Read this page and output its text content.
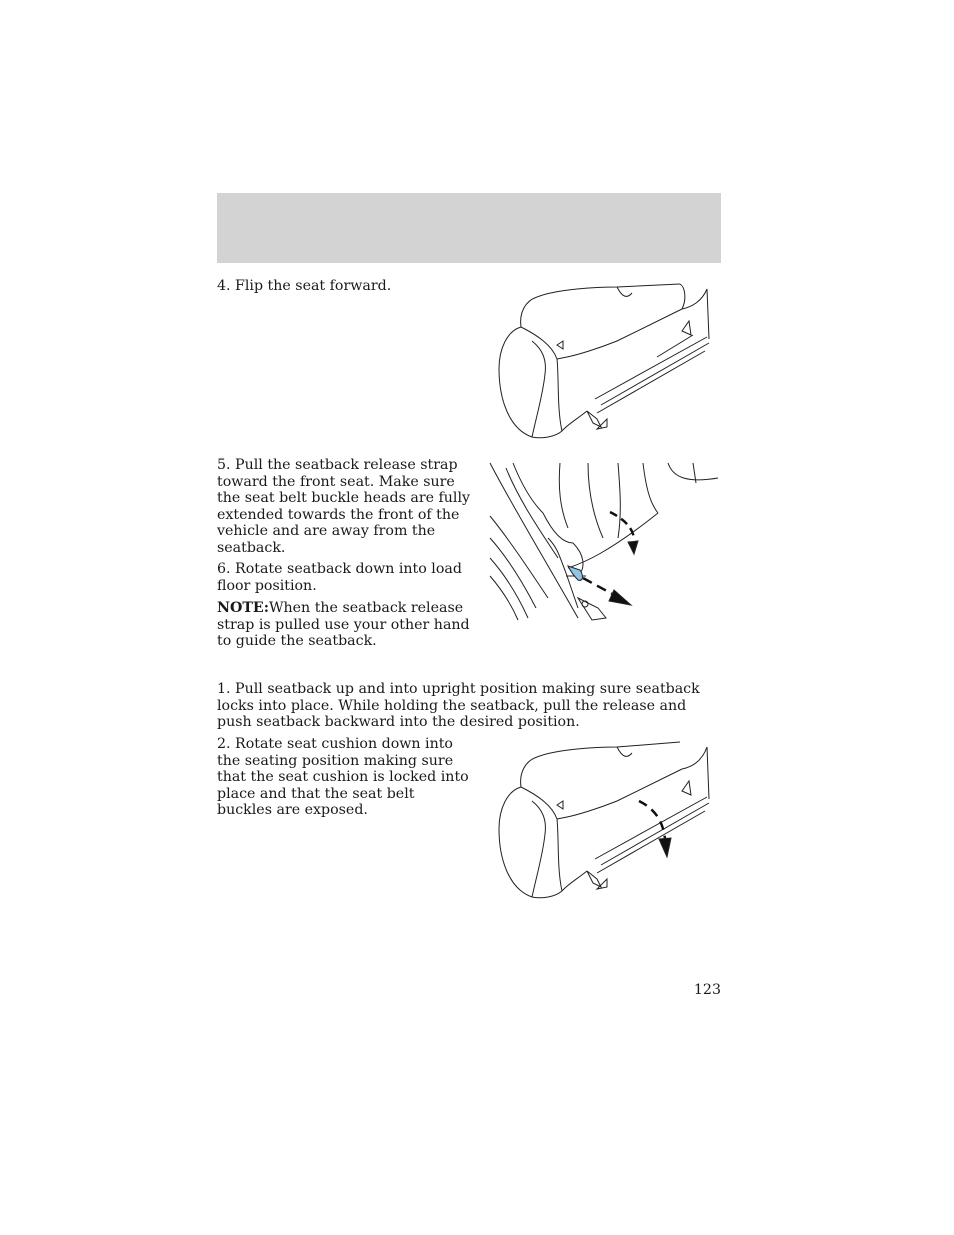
4. Flip the seat forward.

5. Pull the seatback release strap toward the front seat. Make sure the seat belt buckle heads are fully extended towards the front of the vehicle and are away from the seatback.

6. Rotate seatback down into load floor position.

NOTE:When the seatback release strap is pulled use your other hand to guide the seatback.

1. Pull seatback up and into upright position making sure seatback locks into place. While holding the seatback, pull the release and push seatback backward into the desired position.

2. Rotate seat cushion down into the seating position making sure that the seat cushion is locked into place and that the seat belt buckles are exposed.

123
